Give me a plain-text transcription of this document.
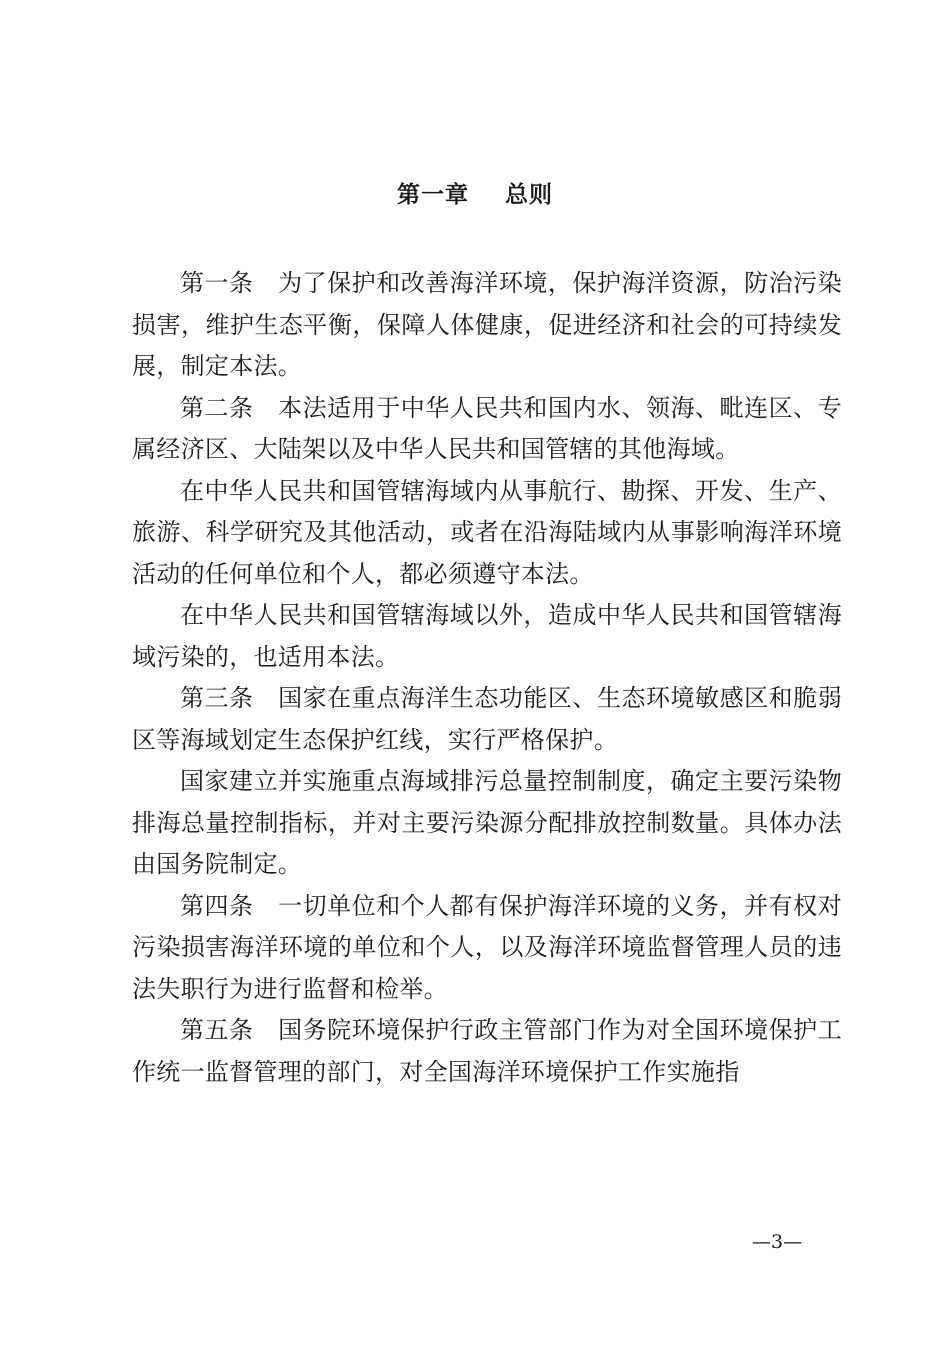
第一章    总则

第一条　为了保护和改善海洋环境，保护海洋资源，防治污染损害，维护生态平衡，保障人体健康，促进经济和社会的可持续发展，制定本法。

第二条　本法适用于中华人民共和国内水、领海、毗连区、专属经济区、大陆架以及中华人民共和国管辖的其他海域。

在中华人民共和国管辖海域内从事航行、勘探、开发、生产、旅游、科学研究及其他活动，或者在沿海陆域内从事影响海洋环境活动的任何单位和个人，都必须遵守本法。

在中华人民共和国管辖海域以外，造成中华人民共和国管辖海域污染的，也适用本法。

第三条　国家在重点海洋生态功能区、生态环境敏感区和脆弱区等海域划定生态保护红线，实行严格保护。

国家建立并实施重点海域排污总量控制制度，确定主要污染物排海总量控制指标，并对主要污染源分配排放控制数量。具体办法由国务院制定。

第四条　一切单位和个人都有保护海洋环境的义务，并有权对污染损害海洋环境的单位和个人，以及海洋环境监督管理人员的违法失职行为进行监督和检举。

第五条　国务院环境保护行政主管部门作为对全国环境保护工作统一监督管理的部门，对全国海洋环境保护工作实施指

—3—
